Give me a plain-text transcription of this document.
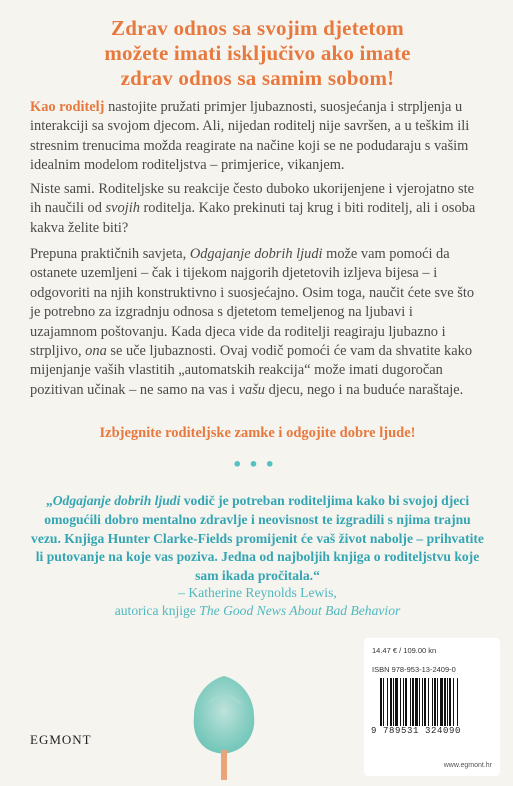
Zdrav odnos sa svojim djetetom
možete imati isključivo ako imate
zdrav odnos sa samim sobom!
Kao roditelj nastojite pružati primjer ljubaznosti, suosjećanja i strpljenja u interakciji sa svojom djecom. Ali, nijedan roditelj nije savršen, a u teškim ili stresnim trenucima možda reagirate na načine koji se ne podudaraju s vašim idealnim modelom roditeljstva – primjerice, vikanjem.
Niste sami. Roditeljske su reakcije često duboko ukorijenjene i vjerojatno ste ih naučili od svojih roditelja. Kako prekinuti taj krug i biti roditelj, ali i osoba kakva želite biti?
Prepuna praktičnih savjeta, Odgajanje dobrih ljudi može vam pomoći da ostanete uzemljeni – čak i tijekom najgorih djetetovih izljeva bijesa – i odgovoriti na njih konstruktivno i suosjećajno. Osim toga, naučit ćete sve što je potrebno za izgradnju odnosa s djetetom temeljenog na ljubavi i uzajamnom poštovanju. Kada djeca vide da roditelji reagiraju ljubazno i strpljivo, ona se uče ljubaznosti. Ovaj vodič pomoći će vam da shvatite kako mijenjanje vaših vlastitih „automatskih reakcija“ može imati dugoročan pozitivan učinak – ne samo na vas i vašu djecu, nego i na buduće naraštaje.
Izbjegnite roditeljske zamke i odgojite dobre ljude!
•••
„Odgajanje dobrih ljudi vodič je potreban roditeljima kako bi svojoj djeci omogućili dobro mentalno zdravlje i neovisnost te izgradili s njima trajnu vezu. Knjiga Hunter Clarke-Fields promijenit će vaš život nabolje – prihvatite li putovanje na koje vas poziva. Jedna od najboljih knjiga o roditeljstvu koje sam ikada pročitala.“
– Katherine Reynolds Lewis,
autorica knjige The Good News About Bad Behavior
EGMONT
14.47 € / 109.00 kn
ISBN 978-953-13-2409-0
9 789531 324090
www.egmont.hr
